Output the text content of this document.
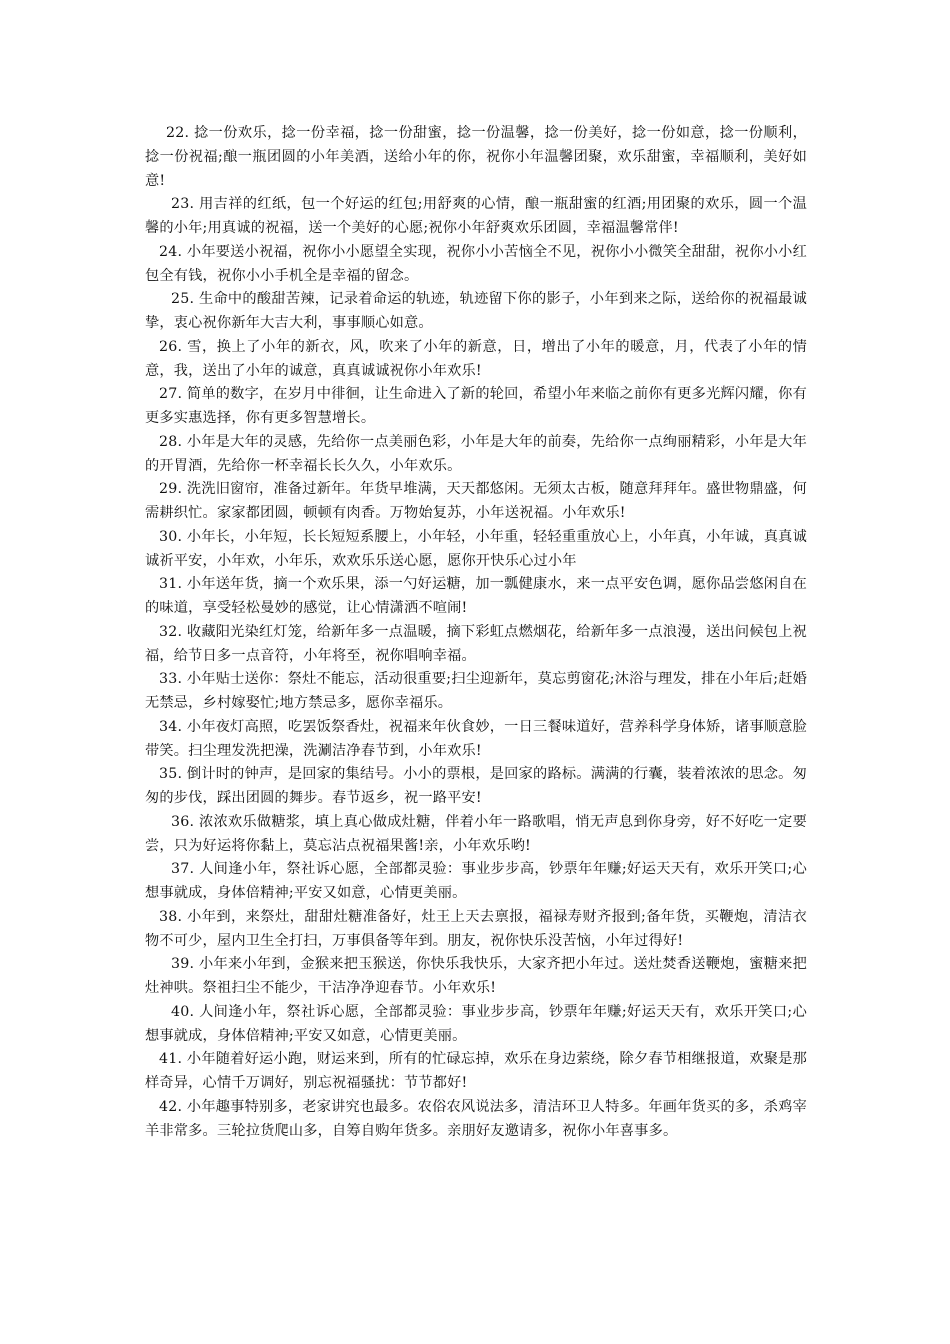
22. 捻一份欢乐，捻一份幸福，捻一份甜蜜，捻一份温馨，捻一份美好，捻一份如意，捻一份顺利，捻一份祝福;酿一瓶团圆的小年美酒，送给小年的你，祝你小年温馨团聚，欢乐甜蜜，幸福顺利，美好如意!

23. 用吉祥的红纸，包一个好运的红包;用舒爽的心情，酿一瓶甜蜜的红酒;用团聚的欢乐，圆一个温馨的小年;用真诚的祝福，送一个美好的心愿;祝你小年舒爽欢乐团圆，幸福温馨常伴!

24. 小年要送小祝福，祝你小小愿望全实现，祝你小小苦恼全不见，祝你小小微笑全甜甜，祝你小小红包全有钱，祝你小小手机全是幸福的留念。

25. 生命中的酸甜苦辣，记录着命运的轨迹，轨迹留下你的影子，小年到来之际，送给你的祝福最诚挚，衷心祝你新年大吉大利，事事顺心如意。

26. 雪，换上了小年的新衣，风，吹来了小年的新意，日，增出了小年的暖意，月，代表了小年的情意，我，送出了小年的诚意，真真诚诚祝你小年欢乐!

27. 简单的数字，在岁月中徘徊，让生命进入了新的轮回，希望小年来临之前你有更多光辉闪耀，你有更多实惠选择，你有更多智慧增长。

28. 小年是大年的灵感，先给你一点美丽色彩，小年是大年的前奏，先给你一点绚丽精彩，小年是大年的开胃酒，先给你一杯幸福长长久久，小年欢乐。

29. 洗洗旧窗帘，准备过新年。年货早堆满，天天都悠闲。无须太古板，随意拜拜年。盛世物鼎盛，何需耕织忙。家家都团圆，顿顿有肉香。万物始复苏，小年送祝福。小年欢乐!

30. 小年长，小年短，长长短短系腰上，小年轻，小年重，轻轻重重放心上，小年真，小年诚，真真诚诚祈平安，小年欢，小年乐，欢欢乐乐送心愿，愿你开快乐心过小年

31. 小年送年货，摘一个欢乐果，添一勺好运糖，加一瓢健康水，来一点平安色调，愿你品尝悠闲自在的味道，享受轻松曼妙的感觉，让心情潇洒不喧闹!

32. 收藏阳光染红灯笼，给新年多一点温暖，摘下彩虹点燃烟花，给新年多一点浪漫，送出问候包上祝福，给节日多一点音符，小年将至，祝你唱响幸福。

33. 小年贴士送你：祭灶不能忘，活动很重要;扫尘迎新年，莫忘剪窗花;沐浴与理发，排在小年后;赶婚无禁忌，乡村嫁娶忙;地方禁忌多，愿你幸福乐。

34. 小年夜灯高照，吃罢饭祭香灶，祝福来年伙食妙，一日三餐味道好，营养科学身体矫，诸事顺意脸带笑。扫尘理发洗把澡，洗涮洁净春节到，小年欢乐!

35. 倒计时的钟声，是回家的集结号。小小的票根，是回家的路标。满满的行囊，装着浓浓的思念。匆匆的步伐，踩出团圆的舞步。春节返乡，祝一路平安!

36. 浓浓欢乐做糖浆，填上真心做成灶糖，伴着小年一路歌唱，悄无声息到你身旁，好不好吃一定要尝，只为好运将你黏上，莫忘沾点祝福果酱!亲，小年欢乐哟!

37. 人间逢小年，祭社诉心愿，全部都灵验：事业步步高，钞票年年赚;好运天天有，欢乐开笑口;心想事就成，身体倍精神;平安又如意，心情更美丽。

38. 小年到，来祭灶，甜甜灶糖准备好，灶王上天去禀报，福禄寿财齐报到;备年货，买鞭炮，清洁衣物不可少，屋内卫生全打扫，万事俱备等年到。朋友，祝你快乐没苦恼，小年过得好!

39. 小年来小年到，金猴来把玉猴送，你快乐我快乐，大家齐把小年过。送灶焚香送鞭炮，蜜糖来把灶神哄。祭祖扫尘不能少，干洁净净迎春节。小年欢乐!

40. 人间逢小年，祭社诉心愿，全部都灵验：事业步步高，钞票年年赚;好运天天有，欢乐开笑口;心想事就成，身体倍精神;平安又如意，心情更美丽。

41. 小年随着好运小跑，财运来到，所有的忙碌忘掉，欢乐在身边萦绕，除夕春节相继报道，欢聚是那样奇异，心情千万调好，别忘祝福骚扰：节节都好!

42. 小年趣事特别多，老家讲究也最多。农俗农风说法多，清洁环卫人特多。年画年货买的多，杀鸡宰羊非常多。三轮拉货爬山多，自筹自购年货多。亲朋好友邀请多，祝你小年喜事多。
